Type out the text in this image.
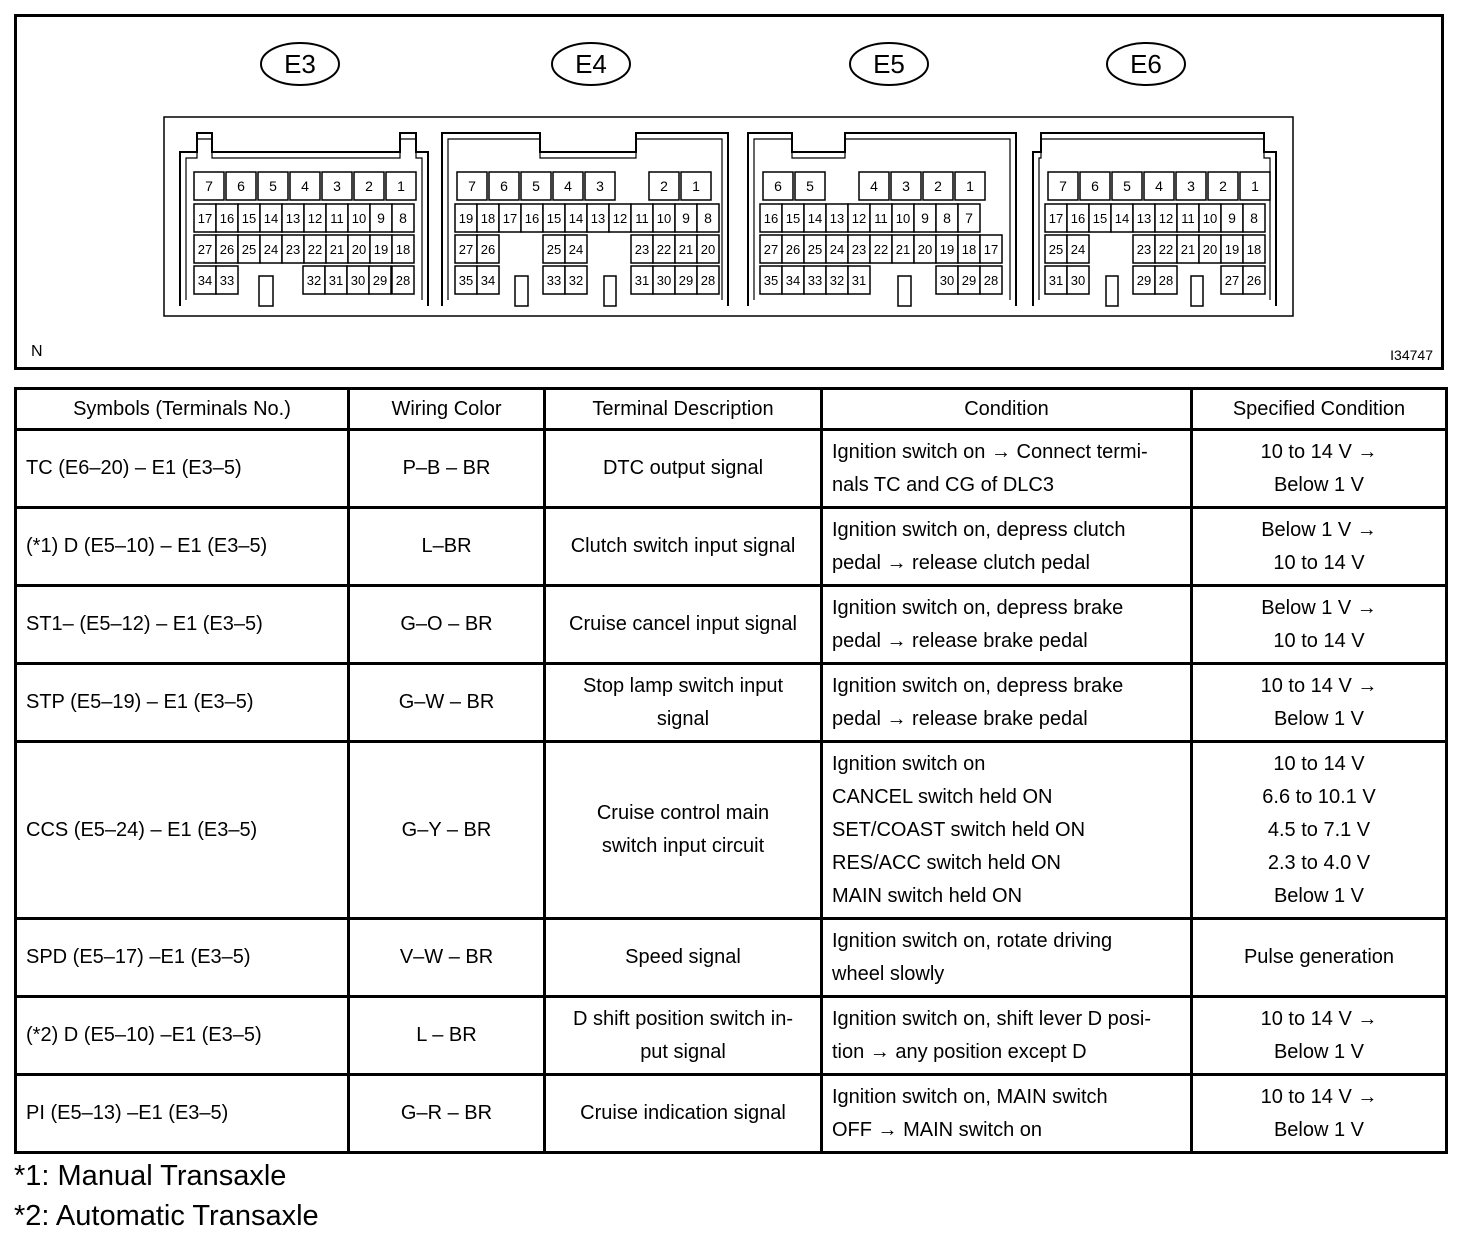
E3
7 6 5 4 3 2 1
17 16 15 14 13 12 11 10 9 8
27 26 25 24 23 22 21 20 19 18
34 33	32 31 30 29 28
E4
7 6 5 4 3	2 1
19 18 17 16 15 14 13 12 11 10 9 8
27 26	25 24	23 22 21 20
35 34	33 32	31 30 29 28
E5
6 5	4 3 2 1
16 15 14 13 12 11 10 9 8 7
27 26 25 24 23 22 21 20 19 18 17
35 34 33 32 31	30 29 28
E6
7 6 5 4 3 2 1
17 16 15 14 13 12 11 10 9 8
25 24	23 22 21 20 19 18
31 30	29 28	27 26
N	I34747
Symbols (Terminals No.)	Wiring Color	Terminal Description	Condition	Specified Condition
TC (E6–20) – E1 (E3–5)	P–B – BR	DTC output signal	Ignition switch on → Connect termi-
nals TC and CG of DLC3	10 to 14 V →
Below 1 V

(*1) D (E5–10) – E1 (E3–5)	L–BR	Clutch switch input signal	Ignition switch on, depress clutch
pedal → release clutch pedal	Below 1 V →
10 to 14 V

ST1– (E5–12) – E1 (E3–5)	G–O – BR	Cruise cancel input signal	Ignition switch on, depress brake
pedal → release brake pedal	Below 1 V →
10 to 14 V

STP (E5–19) – E1 (E3–5)	G–W – BR	Stop lamp switch input
signal	Ignition switch on, depress brake
pedal → release brake pedal	10 to 14 V →
Below 1 V

CCS (E5–24) – E1 (E3–5)	G–Y – BR	Cruise control main
switch input circuit	Ignition switch on
CANCEL switch held ON
SET/COAST switch held ON
RES/ACC switch held ON
MAIN switch held ON	10 to 14 V
6.6 to 10.1 V
4.5 to 7.1 V
2.3 to 4.0 V
Below 1 V

SPD (E5–17) –E1 (E3–5)	V–W – BR	Speed signal	Ignition switch on, rotate driving
wheel slowly	Pulse generation

(*2) D (E5–10) –E1 (E3–5)	L – BR	D shift position switch in-
put signal	Ignition switch on, shift lever D posi-
tion → any position except D	10 to 14 V →
Below 1 V

PI (E5–13) –E1 (E3–5)	G–R – BR	Cruise indication signal	Ignition switch on, MAIN switch
OFF → MAIN switch on	10 to 14 V →
Below 1 V
*1: Manual Transaxle
*2: Automatic Transaxle
